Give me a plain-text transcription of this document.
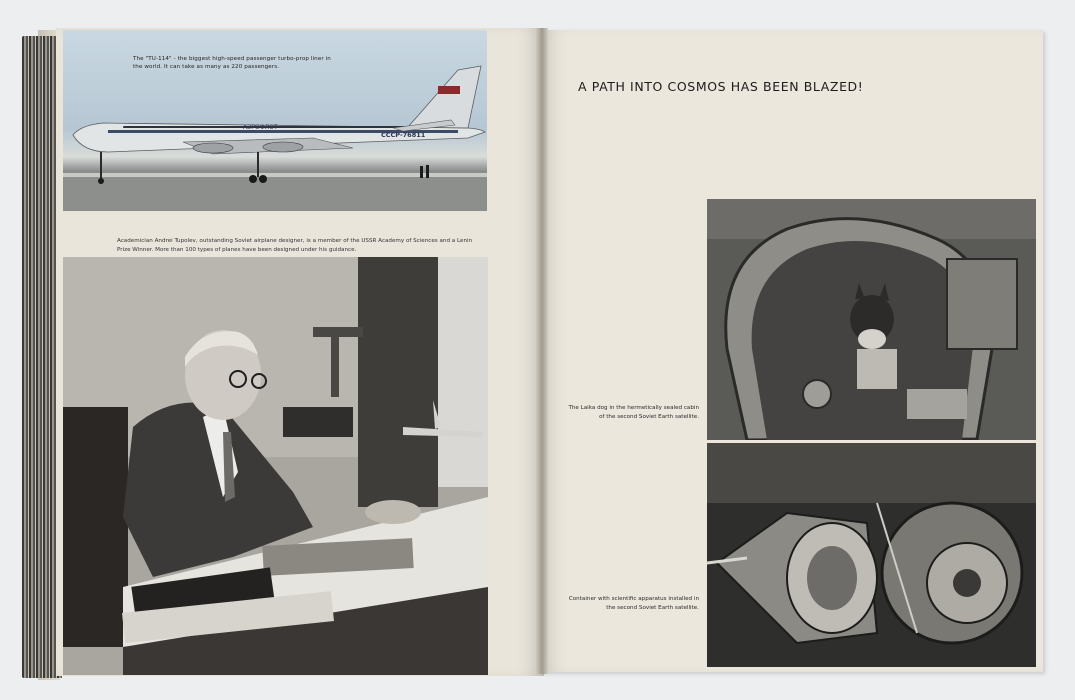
АЭРОФЛОТ
CCCP-76811
The "TU-114" - the biggest high-speed passenger turbo-prop liner in the world. It can take as many as 220 passengers.
Academician Andrei Tupolev, outstanding Soviet airplane designer, is a member of the USSR Academy of Sciences and a Lenin Prize Winner. More than 100 types of planes have been designed under his guidance.
A PATH INTO COSMOS HAS BEEN BLAZED!
The Laika dog in the hermetically sealed cabin of the second Soviet Earth satellite.
Container with scientific apparatus installed in the second Soviet Earth satellite.
